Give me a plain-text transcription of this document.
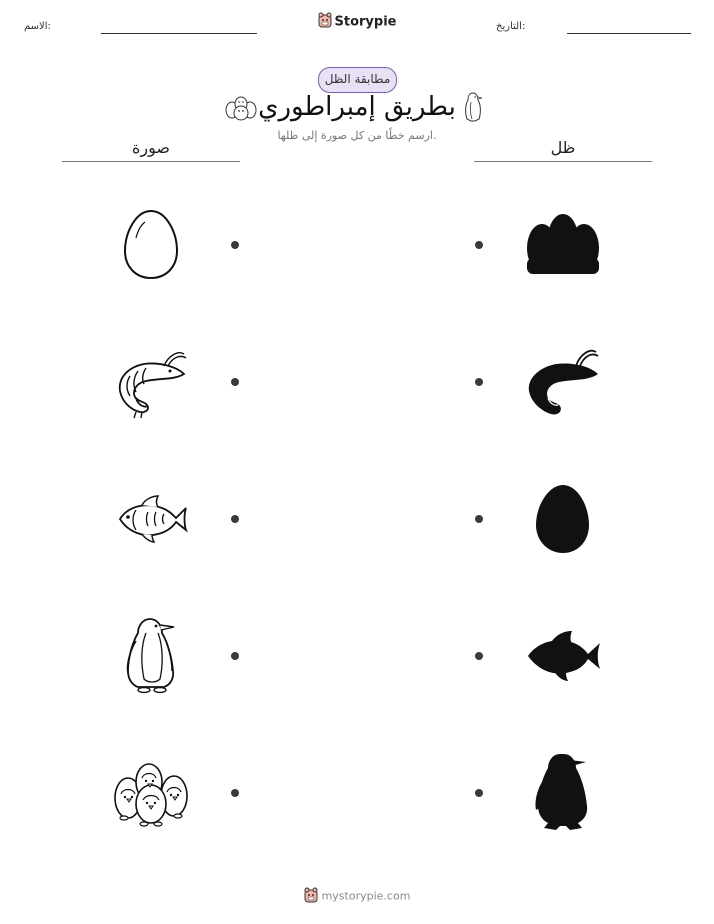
الاسم:	Storypie	التاريخ:
مطابقة الظل
بطريق إمبراطوري
ارسم خطًا من كل صورة إلى ظلها.
صورة	ظل
mystorypie.com
